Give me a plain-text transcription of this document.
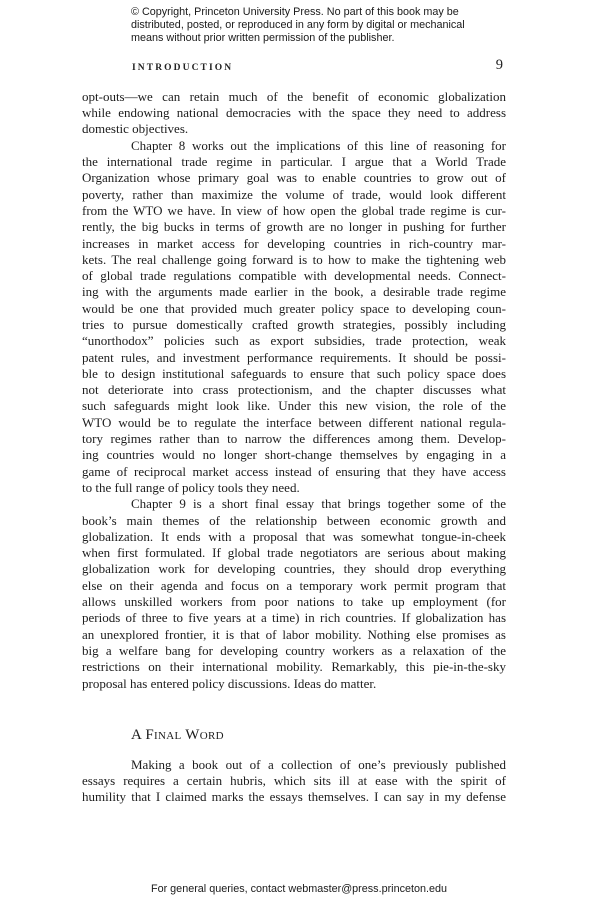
© Copyright, Princeton University Press. No part of this book may be
distributed, posted, or reproduced in any form by digital or mechanical
means without prior written permission of the publisher.
INTRODUCTION	9
opt-outs—we can retain much of the benefit of economic globalization
while endowing national democracies with the space they need to address
domestic objectives.
Chapter 8 works out the implications of this line of reasoning for
the international trade regime in particular. I argue that a World Trade
Organization whose primary goal was to enable countries to grow out of
poverty, rather than maximize the volume of trade, would look different
from the WTO we have. In view of how open the global trade regime is cur-
rently, the big bucks in terms of growth are no longer in pushing for further
increases in market access for developing countries in rich-country mar-
kets. The real challenge going forward is to how to make the tightening web
of global trade regulations compatible with developmental needs. Connect-
ing with the arguments made earlier in the book, a desirable trade regime
would be one that provided much greater policy space to developing coun-
tries to pursue domestically crafted growth strategies, possibly including
“unorthodox” policies such as export subsidies, trade protection, weak
patent rules, and investment performance requirements. It should be possi-
ble to design institutional safeguards to ensure that such policy space does
not deteriorate into crass protectionism, and the chapter discusses what
such safeguards might look like. Under this new vision, the role of the
WTO would be to regulate the interface between different national regula-
tory regimes rather than to narrow the differences among them. Develop-
ing countries would no longer short-change themselves by engaging in a
game of reciprocal market access instead of ensuring that they have access
to the full range of policy tools they need.
Chapter 9 is a short final essay that brings together some of the
book’s main themes of the relationship between economic growth and
globalization. It ends with a proposal that was somewhat tongue-in-cheek
when first formulated. If global trade negotiators are serious about making
globalization work for developing countries, they should drop everything
else on their agenda and focus on a temporary work permit program that
allows unskilled workers from poor nations to take up employment (for
periods of three to five years at a time) in rich countries. If globalization has
an unexplored frontier, it is that of labor mobility. Nothing else promises as
big a welfare bang for developing country workers as a relaxation of the
restrictions on their international mobility. Remarkably, this pie-in-the-sky
proposal has entered policy discussions. Ideas do matter.
A Final Word
Making a book out of a collection of one’s previously published
essays requires a certain hubris, which sits ill at ease with the spirit of
humility that I claimed marks the essays themselves. I can say in my defense
For general queries, contact webmaster@press.princeton.edu
